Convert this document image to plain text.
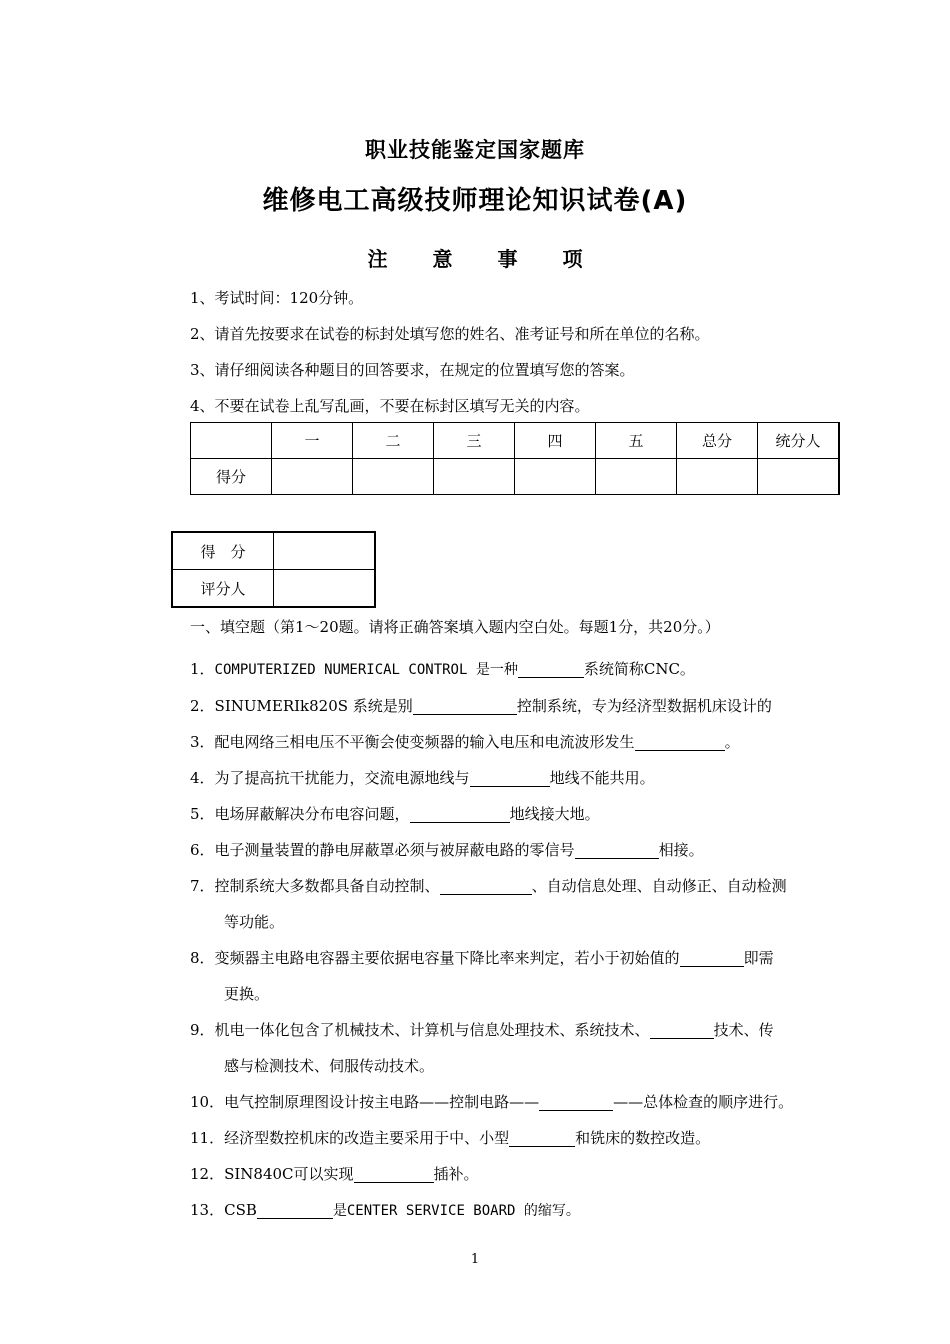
职业技能鉴定国家题库
维修电工高级技师理论知识试卷(A)
注 意 事 项
1、考试时间：120分钟。
2、请首先按要求在试卷的标封处填写您的姓名、准考证号和所在单位的名称。
3、请仔细阅读各种题目的回答要求，在规定的位置填写您的答案。
4、不要在试卷上乱写乱画，不要在标封区填写无关的内容。
	一	二	三	四	五	总分	统分人
得分							
得　分	
评分人	
一、填空题（第1～20题。请将正确答案填入题内空白处。每题1分，共20分。）
1．COMPUTERIZED NUMERICAL CONTROL 是一种	系统简称CNC。
2．SINUMERIk820S 系统是别	控制系统，专为经济型数据机床设计的
3．配电网络三相电压不平衡会使变频器的输入电压和电流波形发生	。
4．为了提高抗干扰能力，交流电源地线与	地线不能共用。
5．电场屏蔽解决分布电容问题，	地线接大地。
6．电子测量装置的静电屏蔽罩必须与被屏蔽电路的零信号	相接。
7．控制系统大多数都具备自动控制、	、自动信息处理、自动修正、自动检测
等功能。
8．变频器主电路电容器主要依据电容量下降比率来判定，若小于初始值的	即需
更换。
9．机电一体化包含了机械技术、计算机与信息处理技术、系统技术、	技术、传
感与检测技术、伺服传动技术。
10．电气控制原理图设计按主电路——控制电路——	——总体检查的顺序进行。
11．经济型数控机床的改造主要采用于中、小型	和铣床的数控改造。
12．SIN840C可以实现	插补。
13．CSB	是CENTER SERVICE BOARD 的缩写。
1
